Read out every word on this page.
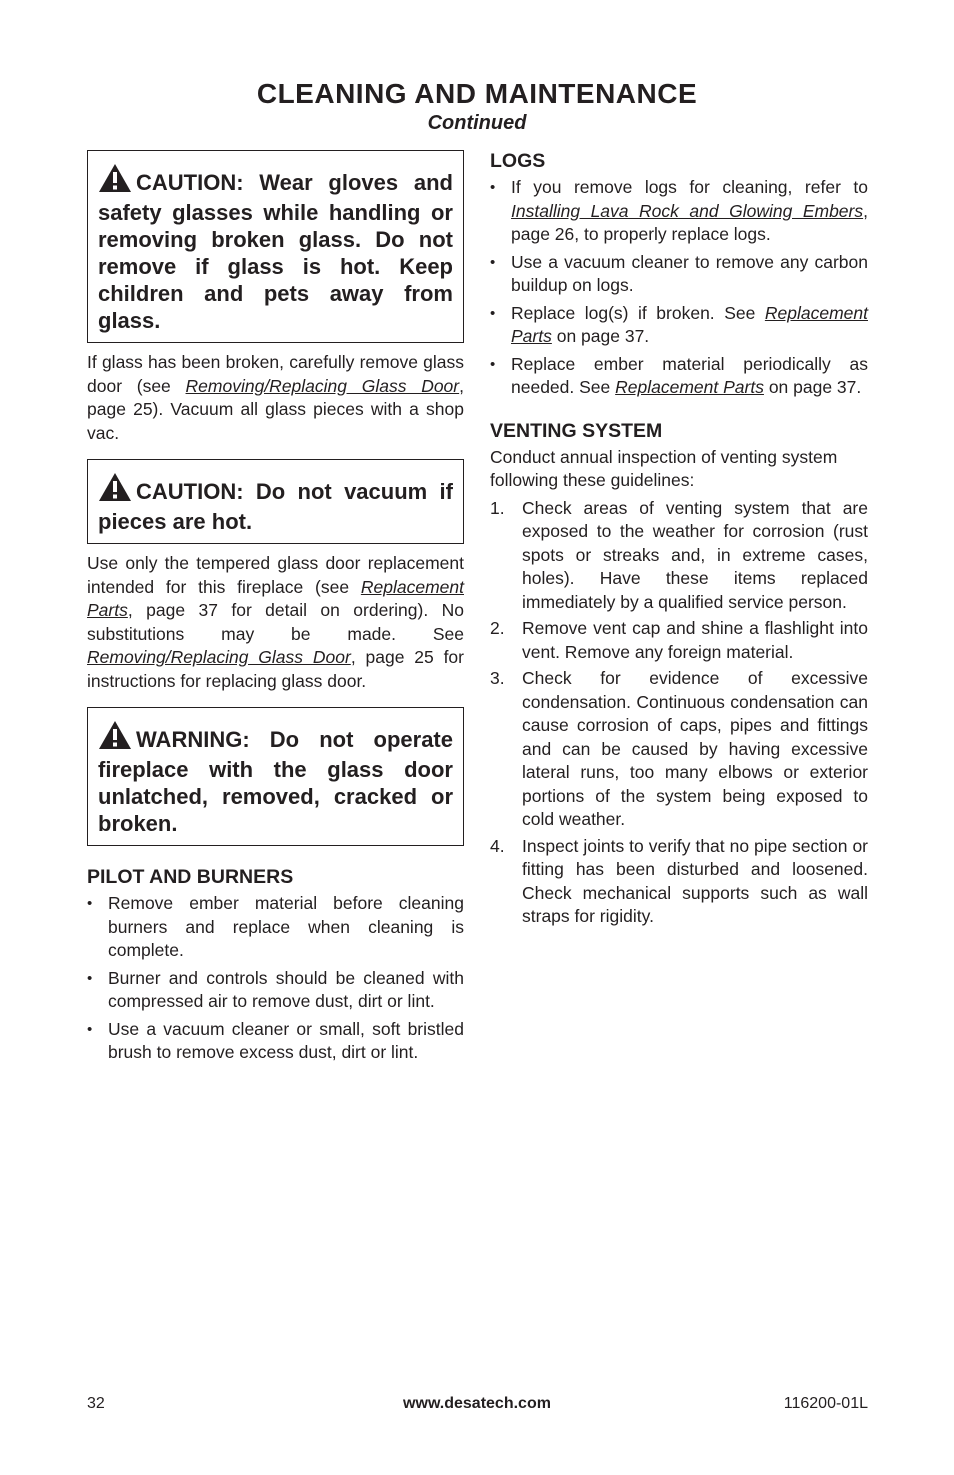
CLEANING AND MAINTENANCE
Continued
CAUTION: Wear gloves and safety glasses while handling or removing broken glass. Do not remove if glass is hot. Keep children and pets away from glass.

If glass has been broken, carefully remove glass door (see Removing/Replacing Glass Door, page 25). Vacuum all glass pieces with a shop vac.

CAUTION: Do not vacuum if pieces are hot.

Use only the tempered glass door replacement intended for this fireplace (see Replacement Parts, page 37 for detail on ordering). No substitutions may be made. See Removing/Replacing Glass Door, page 25 for instructions for replacing glass door.

WARNING: Do not operate fireplace with the glass door unlatched, removed, cracked or broken.
PILOT AND BURNERS
• Remove ember material before cleaning burners and replace when cleaning is complete.
• Burner and controls should be cleaned with compressed air to remove dust, dirt or lint.
• Use a vacuum cleaner or small, soft bristled brush to remove excess dust, dirt or lint.
LOGS
• If you remove logs for cleaning, refer to Installing Lava Rock and Glowing Embers, page 26, to properly replace logs.
• Use a vacuum cleaner to remove any carbon buildup on logs.
• Replace log(s) if broken. See Replacement Parts on page 37.
• Replace ember material periodically as needed. See Replacement Parts on page 37.
VENTING SYSTEM

Conduct annual inspection of venting system following these guidelines:

1. Check areas of venting system that are exposed to the weather for corrosion (rust spots or streaks and, in extreme cases, holes). Have these items replaced immediately by a qualified service person.
2. Remove vent cap and shine a flashlight into vent. Remove any foreign material.
3. Check for evidence of excessive condensation. Continuous condensation can cause corrosion of caps, pipes and fittings and can be caused by having excessive lateral runs, too many elbows or exterior portions of the system being exposed to cold weather.
4. Inspect joints to verify that no pipe section or fitting has been disturbed and loosened. Check mechanical supports such as wall straps for rigidity.
32	www.desatech.com	116200-01L
